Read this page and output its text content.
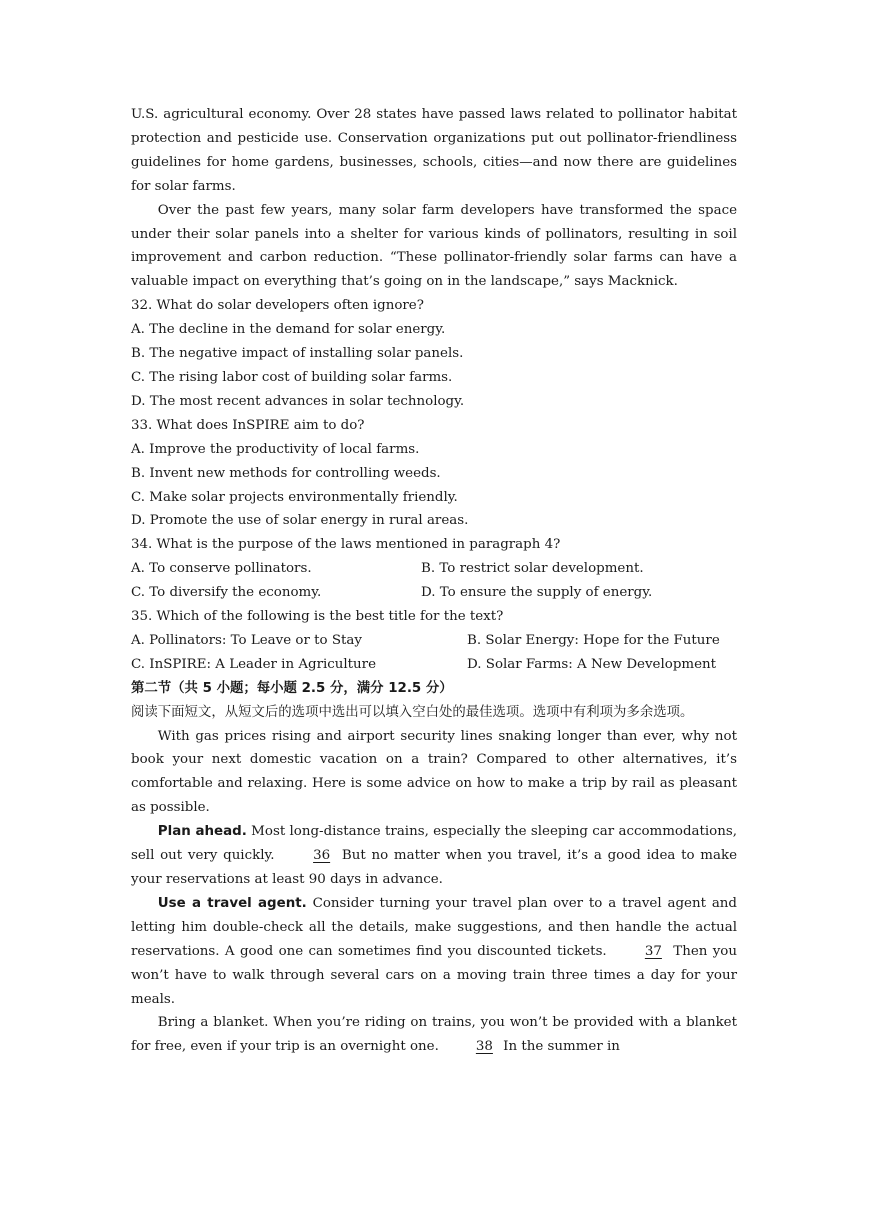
U.S. agricultural economy. Over 28 states have passed laws related to pollinator habitat protection and pesticide use. Conservation organizations put out pollinator-friendliness guidelines for home gardens, businesses, schools, cities—and now there are guidelines for solar farms.

Over the past few years, many solar farm developers have transformed the space under their solar panels into a shelter for various kinds of pollinators, resulting in soil improvement and carbon reduction. “These pollinator-friendly solar farms can have a valuable impact on everything that’s going on in the landscape,” says Macknick.

32. What do solar developers often ignore?

A. The decline in the demand for solar energy.

B. The negative impact of installing solar panels.

C. The rising labor cost of building solar farms.

D. The most recent advances in solar technology.

33. What does InSPIRE aim to do?

A. Improve the productivity of local farms.

B. Invent new methods for controlling weeds.

C. Make solar projects environmentally friendly.

D. Promote the use of solar energy in rural areas.

34. What is the purpose of the laws mentioned in paragraph 4?

A. To conserve pollinators.	B. To restrict solar development.
C. To diversify the economy.	D. To ensure the supply of energy.

35. Which of the following is the best title for the text?

A. Pollinators: To Leave or to Stay	B. Solar Energy: Hope for the Future
C. InSPIRE: A Leader in Agriculture	D. Solar Farms: A New Development

第二节（共 5 小题；每小题 2.5 分，满分 12.5 分）

阅读下面短文，从短文后的选项中选出可以填入空白处的最佳选项。选项中有利项为多余选项。

With gas prices rising and airport security lines snaking longer than ever, why not book your next domestic vacation on a train? Compared to other alternatives, it’s comfortable and relaxing. Here is some advice on how to make a trip by rail as pleasant as possible.

Plan ahead. Most long-distance trains, especially the sleeping car accommodations, sell out very quickly. 36 But no matter when you travel, it’s a good idea to make your reservations at least 90 days in advance.

Use a travel agent. Consider turning your travel plan over to a travel agent and letting him double-check all the details, make suggestions, and then handle the actual reservations. A good one can sometimes find you discounted tickets. 37 Then you won’t have to walk through several cars on a moving train three times a day for your meals.

Bring a blanket. When you’re riding on trains, you won’t be provided with a blanket for free, even if your trip is an overnight one. 38 In the summer in
